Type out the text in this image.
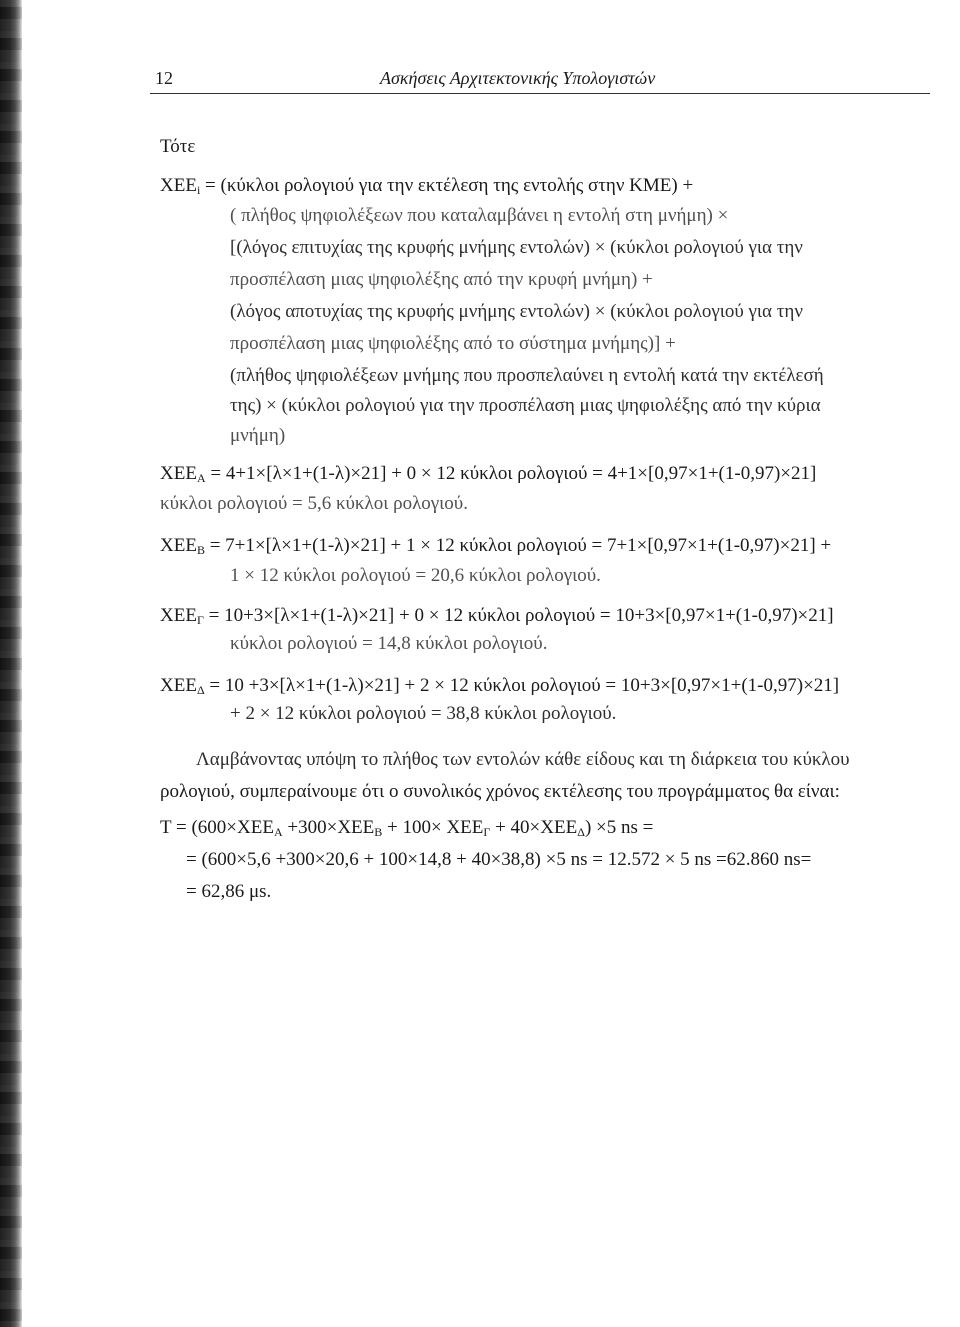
12	Ασκήσεις Αρχιτεκτονικής Υπολογιστών
Τότε
$XEE_i = (\kappa ύ\kappa\lambda o\iota$ ρολογιού για την εκτέλεση της εντολής στην ΚΜΕ) +
( πλήθος ψηφιολέξεων που καταλαμβάνει η εντολή στη μνήμη) ×
[(λόγος επιτυχίας της κρυφής μνήμης εντολών) × (κύκλοι ρολογιού για την
προσπέλαση μιας ψηφιολέξης από την κρυφή μνήμη) +
(λόγος αποτυχίας της κρυφής μνήμης εντολών) × (κύκλοι ρολογιού για την
προσπέλαση μιας ψηφιολέξης από το σύστημα μνήμης)] +
(πλήθος ψηφιολέξεων μνήμης που προσπελαύνει η εντολή κατά την εκτέλεσή
της) × (κύκλοι ρολογιού για την προσπέλαση μιας ψηφιολέξης από την κύρια
μνήμη)
$XEE_A = 4+1\times[\lambda\times 1+(1-\lambda)\times 21] + 0 \times 12$ κύκλοι ρολογιού = 4+1×[0,97×1+(1-0,97)×21]
κύκλοι ρολογιού = 5,6 κύκλοι ρολογιού.
$XEE_B = 7+1\times[\lambda\times 1+(1-\lambda)\times 21] + 1 \times 12$ κύκλοι ρολογιού = 7+1×[0,97×1+(1-0,97)×21] +
1 × 12 κύκλοι ρολογιού = 20,6 κύκλοι ρολογιού.
$XEE_\Gamma = 10+3\times[\lambda\times 1+(1-\lambda)\times 21] + 0 \times 12$ κύκλοι ρολογιού = 10+3×[0,97×1+(1-0,97)×21]
κύκλοι ρολογιού = 14,8 κύκλοι ρολογιού.
$XEE_\Delta = 10 +3\times[\lambda\times 1+(1-\lambda)\times 21] + 2 \times 12$ κύκλοι ρολογιού = 10+3×[0,97×1+(1-0,97)×21]
+ 2 × 12 κύκλοι ρολογιού = 38,8 κύκλοι ρολογιού.
Λαμβάνοντας υπόψη το πλήθος των εντολών κάθε είδους και τη διάρκεια του κύκλου
ρολογιού, συμπεραίνουμε ότι ο συνολικός χρόνος εκτέλεσης του προγράμματος θα είναι:
$T = (600\times XEE_A +300\times XEE_B + 100\times XEE_\Gamma + 40\times XEE_\Delta) \times 5$ ns =
= (600×5,6 +300×20,6 + 100×14,8 + 40×38,8) ×5 ns = 12.572 × 5 ns =62.860 ns=
= 62,86 μs.
